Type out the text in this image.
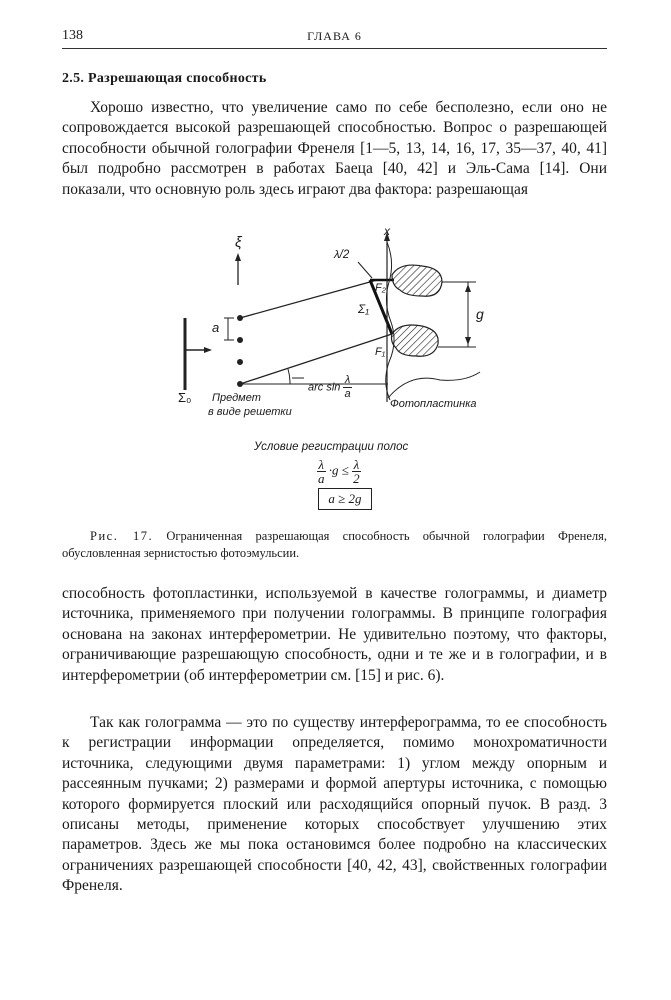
138	ГЛАВА 6
2.5. Разрешающая способность

Хорошо известно, что увеличение само по себе бесполезно, если оно не сопровождается высокой разрешающей способностью. Вопрос о разрешающей способности обычной голографии Френеля [1—5, 13, 14, 16, 17, 35—37, 40, 41] был подробно рассмотрен в работах Баеца [40, 42] и Эль-Сама [14]. Они показали, что основную роль здесь играют два фактора: разрешающая

ξ
x
λ/2
F₂
F₁
Σ₁	g
a
arc $\sin \frac{\lambda}{a}$
Σ₀ Предмет
в виде решетки
Фотопластинка
Условие регистрации полос
$\frac{\lambda}{a} \cdot g \le \frac{\lambda}{2}$
a ≥ 2g

Рис. 17. Ограниченная разрешающая способность обычной голографии Френеля, обусловленная зернистостью фотоэмульсии.

способность фотопластинки, используемой в качестве голограммы, и диаметр источника, применяемого при получении голограммы. В принципе голография основана на законах интерферометрии. Не удивительно поэтому, что факторы, ограничивающие разрешающую способность, одни и те же и в голографии, и в интерферометрии (об интерферометрии см. [15] и рис. 6).

Так как голограмма — это по существу интерферограмма, то ее способность к регистрации информации определяется, помимо монохроматичности источника, следующими двумя параметрами: 1) углом между опорным и рассеянным пучками; 2) размерами и формой апертуры источника, с помощью которого формируется плоский или расходящийся опорный пучок. В разд. 3 описаны методы, применение которых способствует улучшению этих параметров. Здесь же мы пока остановимся более подробно на классических ограничениях разрешающей способности [40, 42, 43], свойственных голографии Френеля.
